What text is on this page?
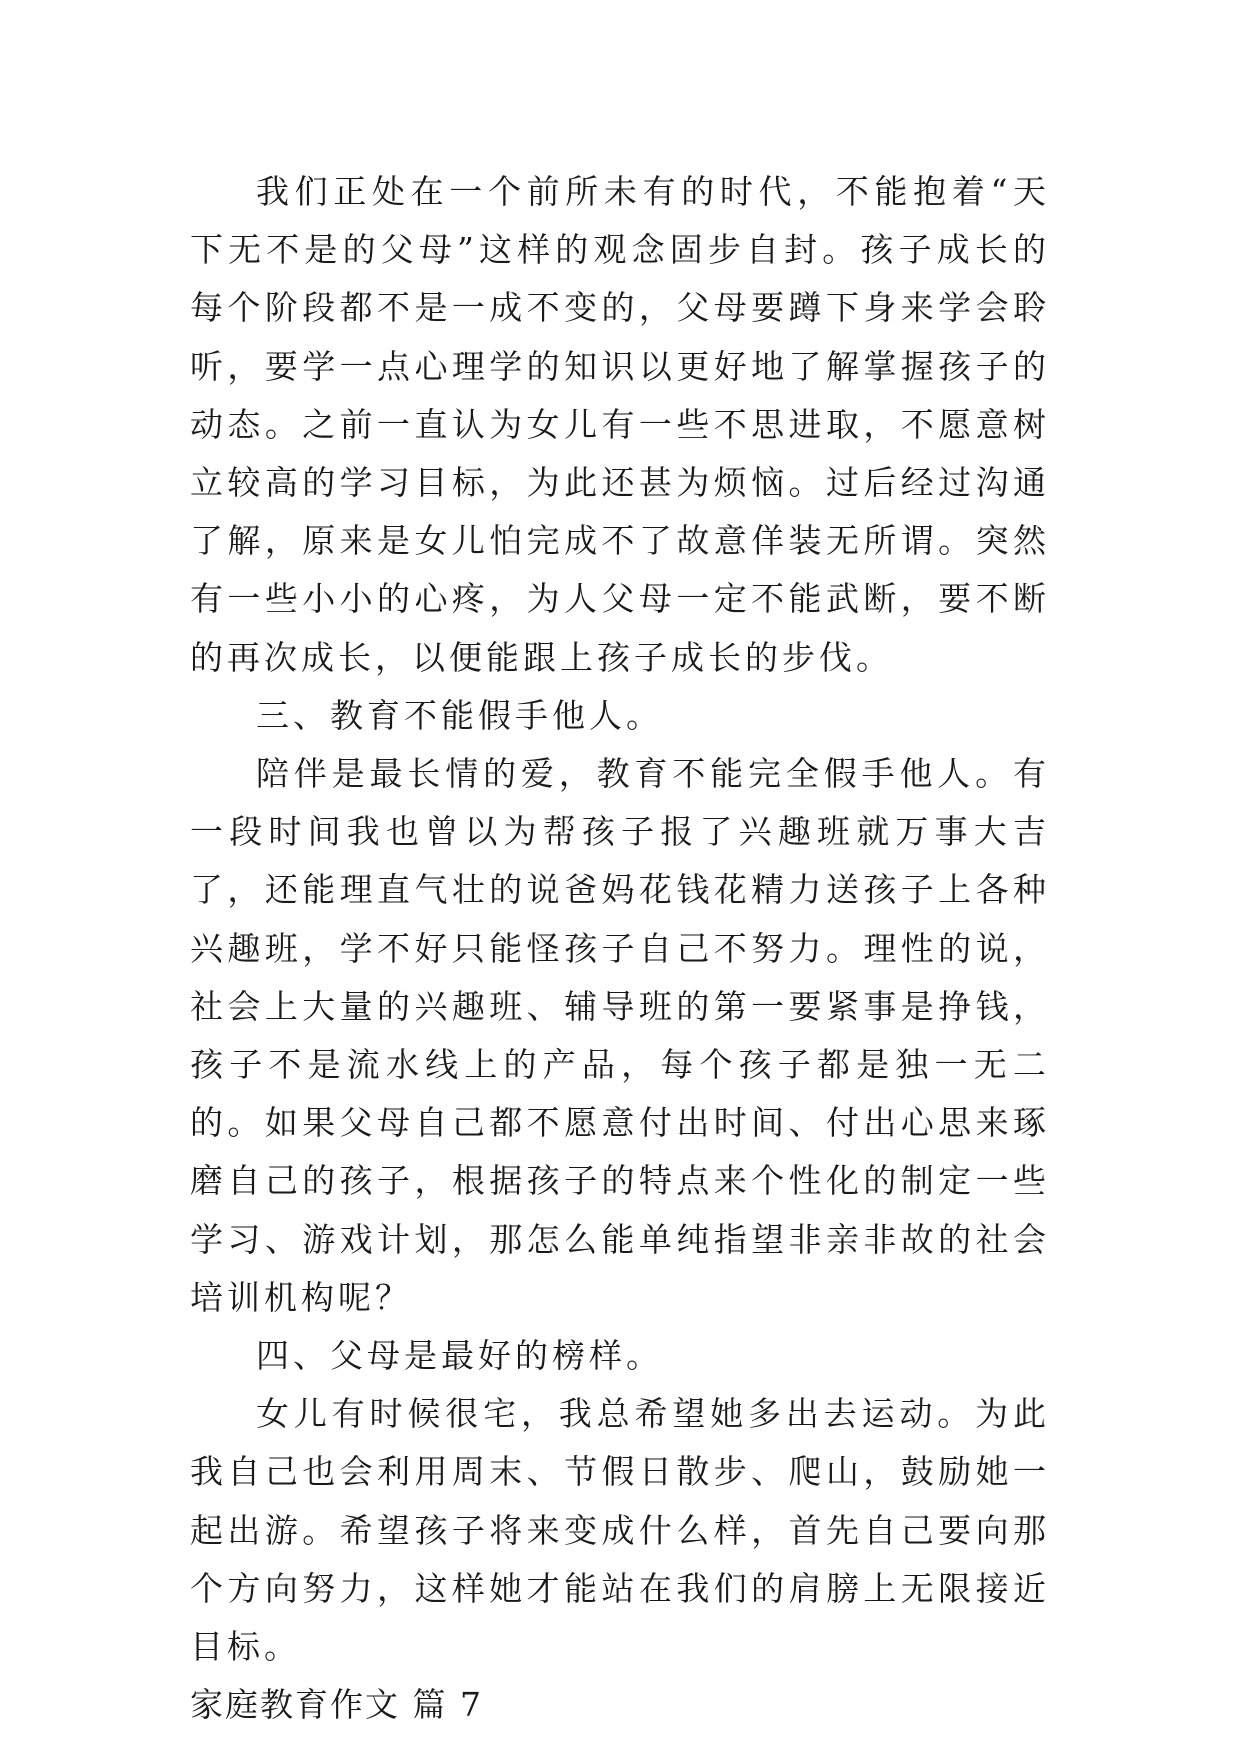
我们正处在一个前所未有的时代，不能抱着“天下无不是的父母”这样的观念固步自封。孩子成长的每个阶段都不是一成不变的，父母要蹲下身来学会聆听，要学一点心理学的知识以更好地了解掌握孩子的动态。之前一直认为女儿有一些不思进取，不愿意树立较高的学习目标，为此还甚为烦恼。过后经过沟通了解，原来是女儿怕完成不了故意佯装无所谓。突然有一些小小的心疼，为人父母一定不能武断，要不断的再次成长，以便能跟上孩子成长的步伐。

三、教育不能假手他人。

陪伴是最长情的爱，教育不能完全假手他人。有一段时间我也曾以为帮孩子报了兴趣班就万事大吉了，还能理直气壮的说爸妈花钱花精力送孩子上各种兴趣班，学不好只能怪孩子自己不努力。理性的说，社会上大量的兴趣班、辅导班的第一要紧事是挣钱，孩子不是流水线上的产品，每个孩子都是独一无二的。如果父母自己都不愿意付出时间、付出心思来琢磨自己的孩子，根据孩子的特点来个性化的制定一些学习、游戏计划，那怎么能单纯指望非亲非故的社会培训机构呢？

四、父母是最好的榜样。

女儿有时候很宅，我总希望她多出去运动。为此我自己也会利用周末、节假日散步、爬山，鼓励她一起出游。希望孩子将来变成什么样，首先自己要向那个方向努力，这样她才能站在我们的肩膀上无限接近目标。

家庭教育作文 篇 7
